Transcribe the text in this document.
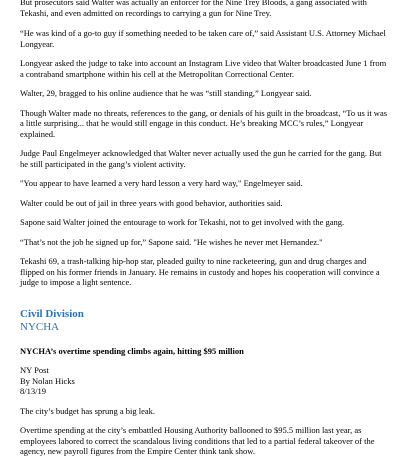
But prosecutors said Walter was actually an enforcer for the Nine Trey Bloods, a gang associated with Tekashi, and even admitted on recordings to carrying a gun for Nine Trey.

“He was kind of a go-to guy if something needed to be taken care of,” said Assistant U.S. Attorney Michael Longyear.

Longyear asked the judge to take into account an Instagram Live video that Walter broadcasted June 1 from a contraband smartphone within his cell at the Metropolitan Correctional Center.

Walter, 29, bragged to his online audience that he was “still standing,” Longyear said.

Though Walter made no threats, references to the gang, or denials of his guilt in the broadcast, “To us it was a little surprising... that he would still engage in this conduct. He’s breaking MCC’s rules,” Longyear explained.

Judge Paul Engelmeyer acknowledged that Walter never actually used the gun he carried for the gang. But he still participated in the gang’s violent activity.

"You appear to have learned a very hard lesson a very hard way," Engelmeyer said.

Walter could be out of jail in three years with good behavior, authorities said.

Sapone said Walter joined the entourage to work for Tekashi, not to get involved with the gang.

“That’s not the job he signed up for,” Sapone said. "He wishes he never met Hernandez."

Tekashi 69, a trash-talking hip-hop star, pleaded guilty to nine racketeering, gun and drug charges and flipped on his former friends in January. He remains in custody and hopes his cooperation will convince a judge to impose a light sentence.

Civil Division
NYCHA
NYCHA’s overtime spending climbs again, hitting $95 million
NY Post
By Nolan Hicks
8/13/19

The city’s budget has sprung a big leak.

Overtime spending at the city’s embattled Housing Authority ballooned to $95.5 million last year, as employees labored to correct the scandalous living conditions that led to a partial federal takeover of the agency, new payroll figures from the Empire Center think tank show.
